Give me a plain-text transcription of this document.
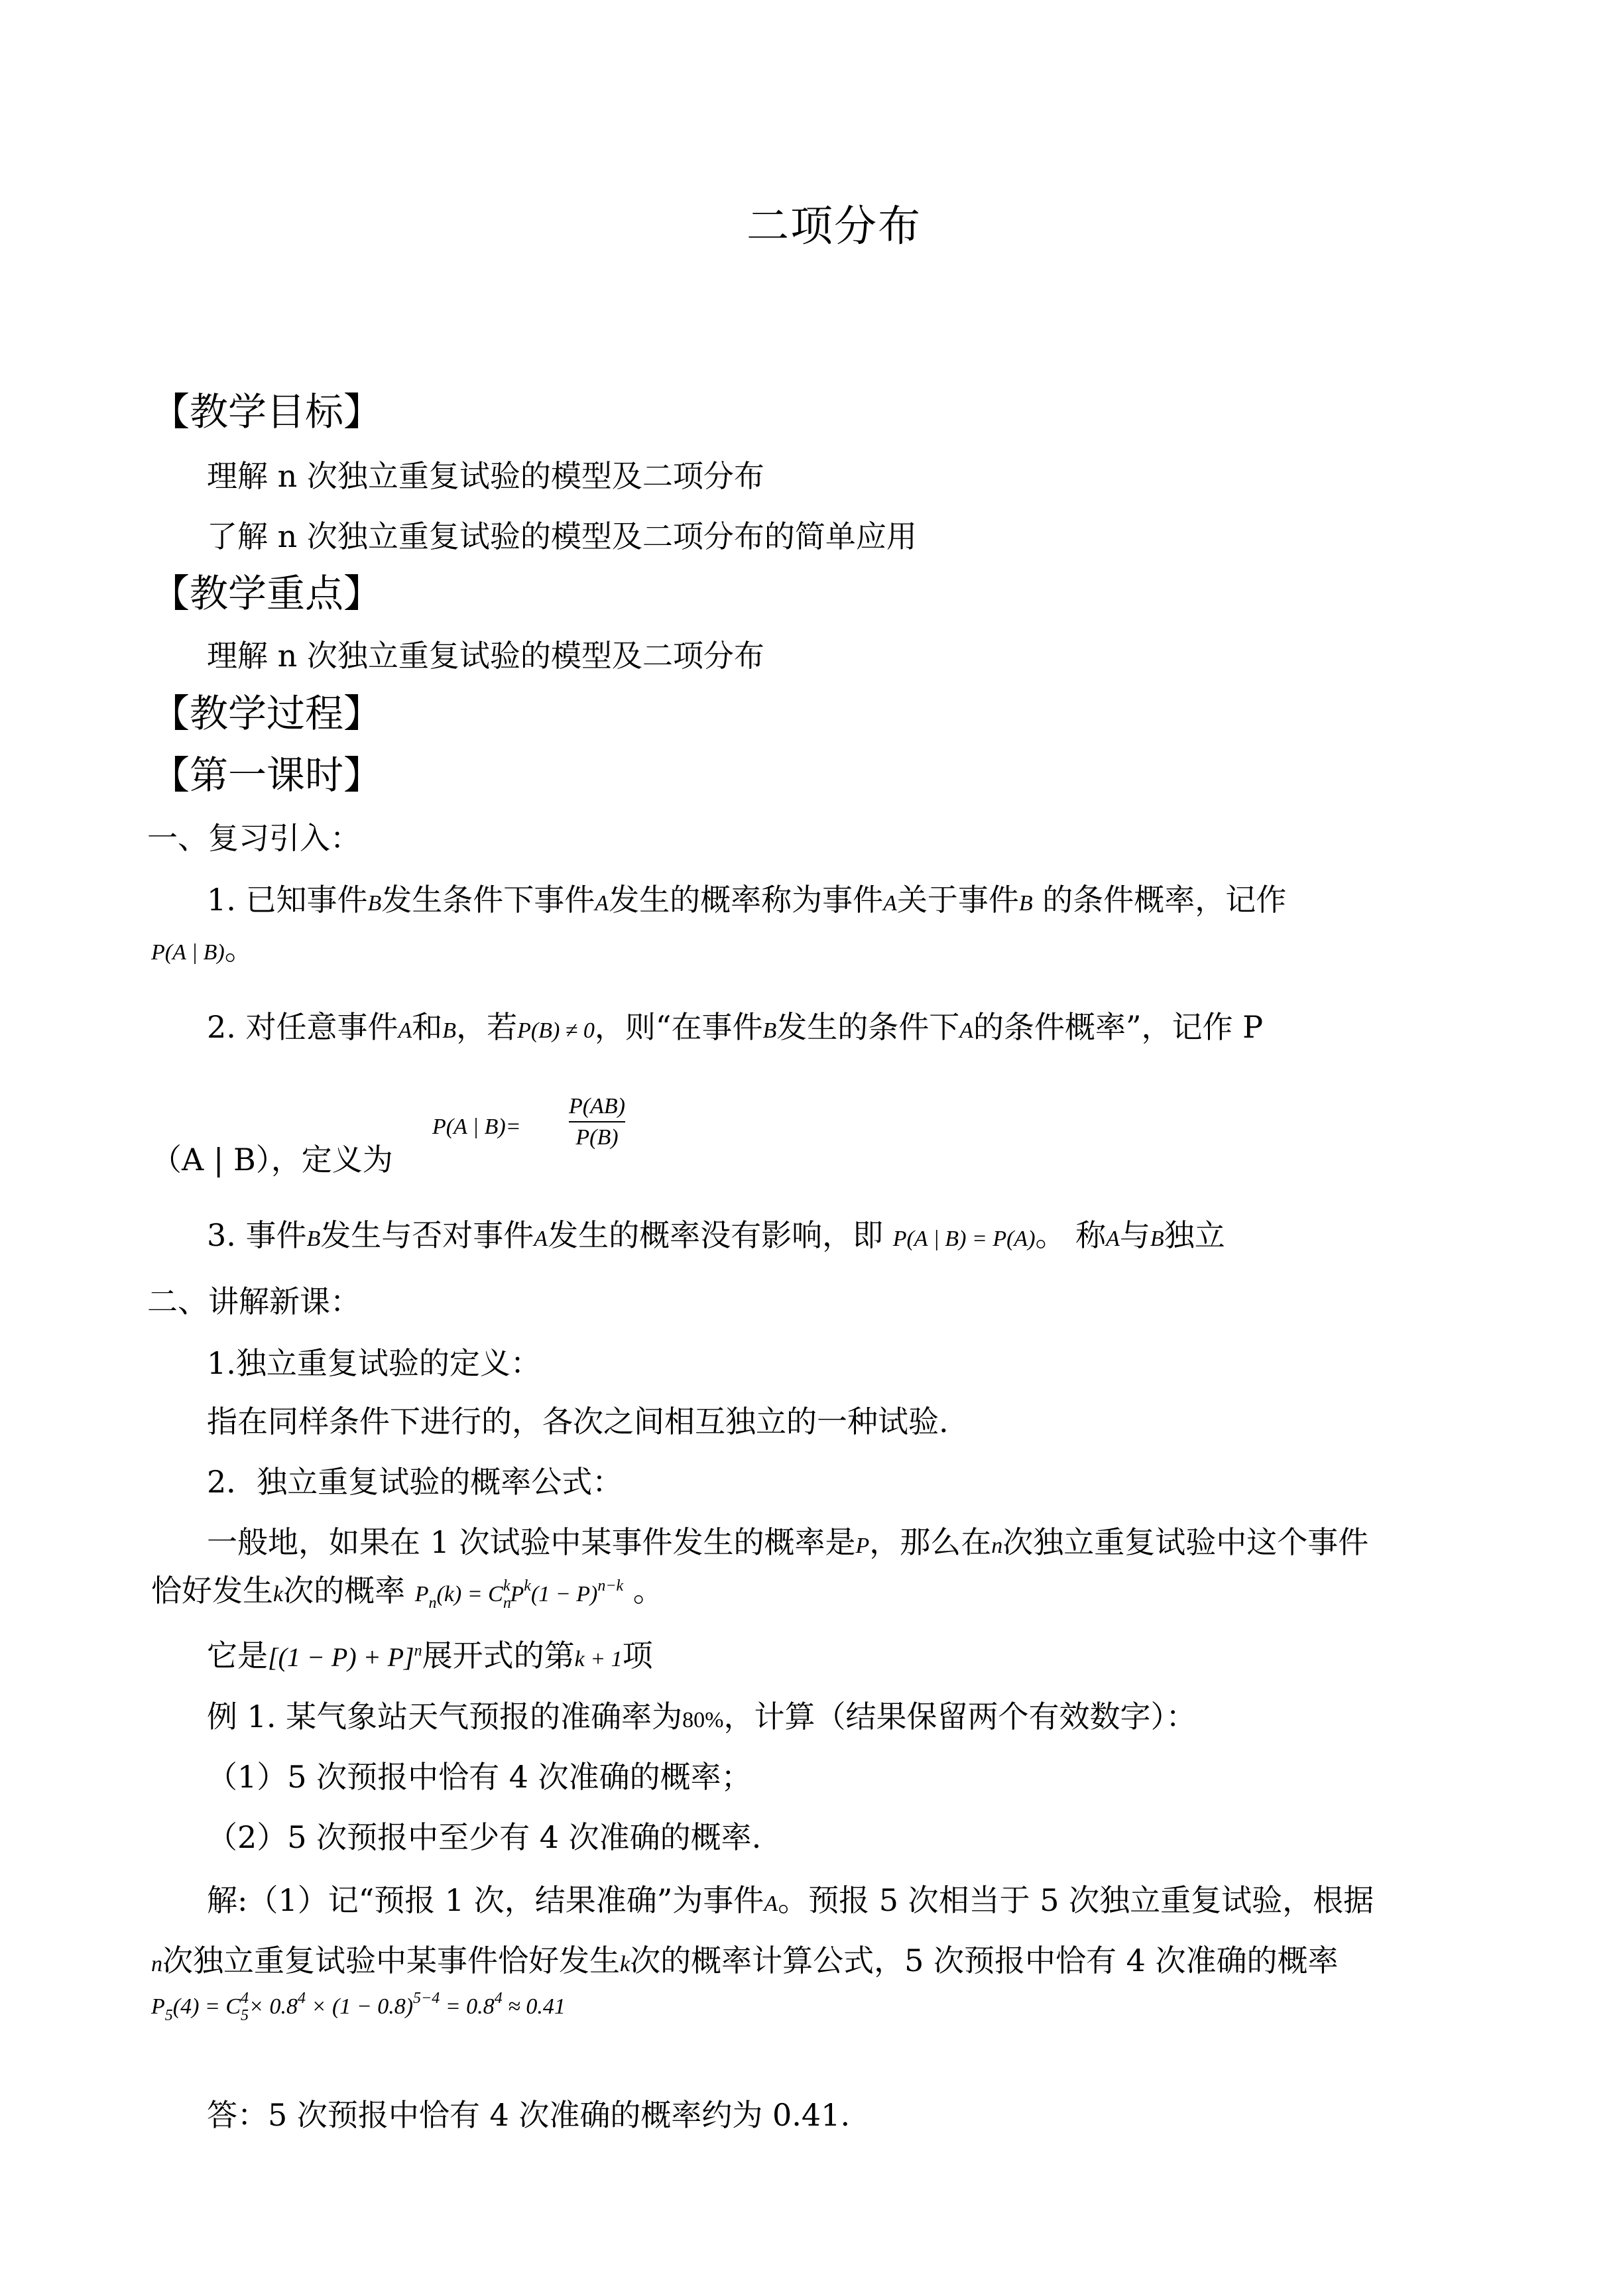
二项分布
【教学目标】
理解 n 次独立重复试验的模型及二项分布
了解 n 次独立重复试验的模型及二项分布的简单应用
【教学重点】
理解 n 次独立重复试验的模型及二项分布
【教学过程】
【第一课时】
一、复习引入：
1. 已知事件B发生条件下事件A发生的概率称为事件A关于事件B 的条件概率，记作
P(A | B)。
2. 对任意事件A和B，若P(B) ≠ 0，则“在事件B发生的条件下A的条件概率”，记作 P
（A | B），定义为
P(A | B)=
P(AB)
P(B)
3. 事件B发生与否对事件A发生的概率没有影响，即 P(A | B) = P(A)。 称A与B独立
二、讲解新课：
1.独立重复试验的定义：
指在同样条件下进行的，各次之间相互独立的一种试验.
2．独立重复试验的概率公式：
一般地，如果在 1 次试验中某事件发生的概率是P，那么在n次独立重复试验中这个事件
恰好发生k次的概率 $P_n(k) = C_n^kP^k(1 - P)^{n-k}$ 。
它是$[(1 - P) + P]^n$展开式的第k + 1项
例 1. 某气象站天气预报的准确率为80%，计算（结果保留两个有效数字）：
（1）5 次预报中恰有 4 次准确的概率；
（2）5 次预报中至少有 4 次准确的概率.
解:（1）记“预报 1 次，结果准确”为事件A。预报 5 次相当于 5 次独立重复试验，根据
n次独立重复试验中某事件恰好发生k次的概率计算公式，5 次预报中恰有 4 次准确的概率
$P_5(4) = C_5^4\times 0.8^4 \times (1 - 0.8)^{5-4} = 0.8^4 \approx 0.41$
答：5 次预报中恰有 4 次准确的概率约为 0.41.
